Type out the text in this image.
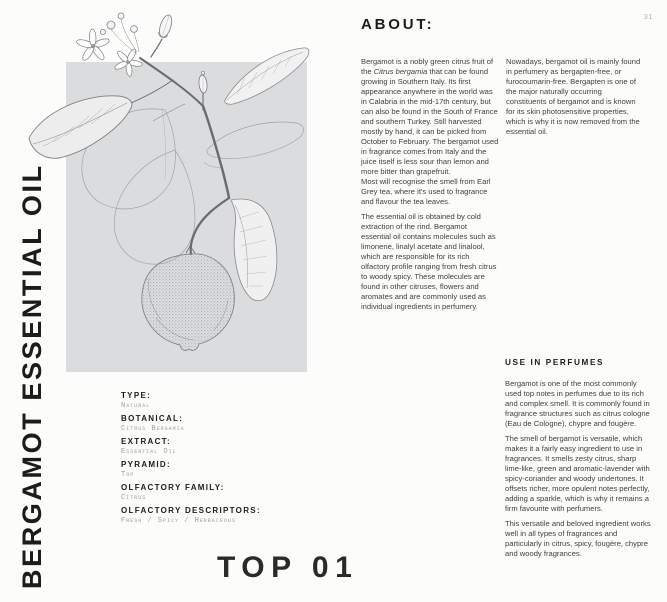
31
BERGAMOT ESSENTIAL OIL	TYPE:
Natural
BOTANICAL:
Citrus Bergamia
EXTRACT:
Essential Oil
PYRAMID:
Top
OLFACTORY FAMILY:
Citrus
OLFACTORY DESCRIPTORS:
Fresh / Spicy / Herbaceous
TOP 01
ABOUT:

Bergamot is a nobly green citrus fruit of the Citrus bergamia that can be found growing in Southern Italy. Its first appearance anywhere in the world was in Calabria in the mid-17th century, but can also be found in the South of France and southern Turkey. Still harvested mostly by hand, it can be picked from October to February. The bergamot used in fragrance comes from Italy and the juice itself is less sour than lemon and more bitter than grapefruit.

Most will recognise the smell from Earl Grey tea, where it's used to fragrance and flavour the tea leaves.

The essential oil is obtained by cold extraction of the rind. Bergamot essential oil contains molecules such as limonene, linalyl acetate and linalool, which are responsible for its rich olfactory profile ranging from fresh citrus to woody spicy. These molecules are found in other citruses, flowers and aromates and are commonly used as individual ingredients in perfumery.

Nowadays, bergamot oil is mainly found in perfumery as bergapten-free, or furocoumarin-free. Bergapten is one of the major naturally occurring constituents of bergamot and is known for its skin photosensitive properties, which is why it is now removed from the essential oil.

USE IN PERFUMES

Bergamot is one of the most commonly used top notes in perfumes due to its rich and complex smell. It is commonly found in fragrance structures such as citrus cologne (Eau de Cologne), chypre and fougère.

The smell of bergamot is versatile, which makes it a fairly easy ingredient to use in fragrances. It smells zesty citrus, sharp lime-like, green and aromatic-lavender with spicy-coriander and woody undertones. It offsets richer, more opulent notes perfectly, adding a sparkle, which is why it remains a firm favourite with perfumers.

This versatile and beloved ingredient works well in all types of fragrances and particularly in citrus, spicy, fougère, chypre and woody fragrances.
